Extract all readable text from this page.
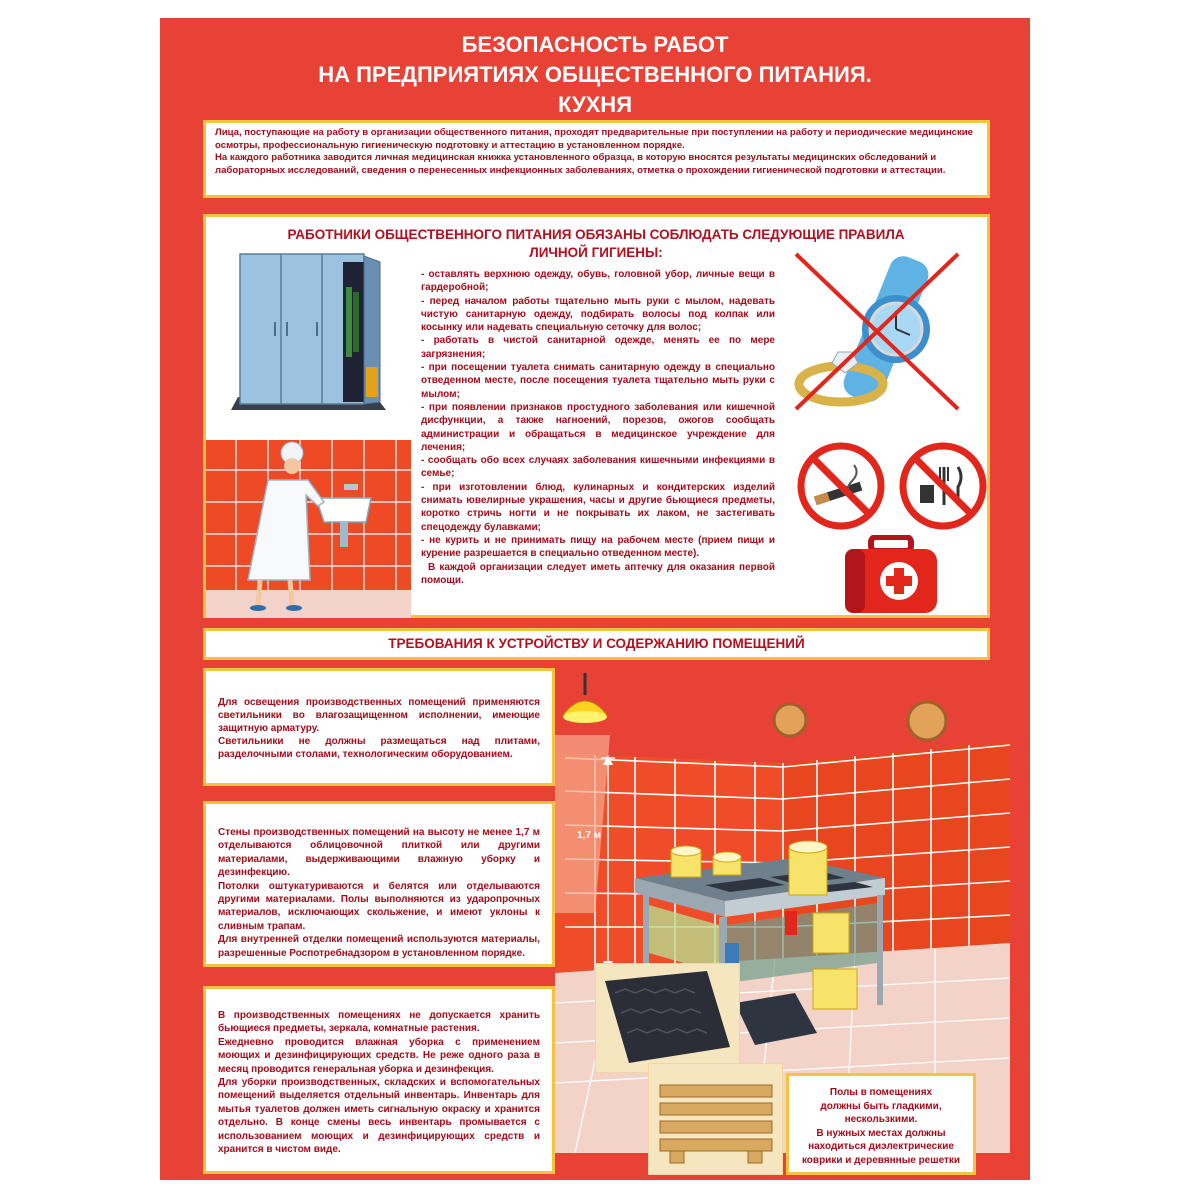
БЕЗОПАСНОСТЬ РАБОТ
НА ПРЕДПРИЯТИЯХ ОБЩЕСТВЕННОГО ПИТАНИЯ.
КУХНЯ
Лица, поступающие на работу в организации общественного питания, проходят предварительные при поступлении на работу и периодические медицинские осмотры, профессиональную гигиеническую подготовку и аттестацию в установленном порядке.
На каждого работника заводится личная медицинская книжка установленного образца, в которую вносятся результаты медицинских обследований и лабораторных исследований, сведения о перенесенных инфекционных заболеваниях, отметка о прохождении гигиенической подготовки и аттестации.
РАБОТНИКИ ОБЩЕСТВЕННОГО ПИТАНИЯ ОБЯЗАНЫ СОБЛЮДАТЬ СЛЕДУЮЩИЕ ПРАВИЛА
ЛИЧНОЙ ГИГИЕНЫ:
- оставлять верхнюю одежду, обувь, головной убор, личные вещи в гардеробной;
- перед началом работы тщательно мыть руки с мылом, надевать чистую санитарную одежду, подбирать волосы под колпак или косынку или надевать специальную сеточку для волос;
- работать в чистой санитарной одежде, менять ее по мере загрязнения;
- при посещении туалета снимать санитарную одежду в специально отведенном месте, после посещения туалета тщательно мыть руки с мылом;
- при появлении признаков простудного заболевания или кишечной дисфункции, а также нагноений, порезов, ожогов сообщать администрации и обращаться в медицинское учреждение для лечения;
- сообщать обо всех случаях заболевания кишечными инфекциями в семье;
- при изготовлении блюд, кулинарных и кондитерских изделий снимать ювелирные украшения, часы и другие бьющиеся предметы, коротко стричь ногти и не покрывать их лаком, не застегивать спецодежду булавками;
- не курить и не принимать пищу на рабочем месте (прием пищи и курение разрешается в специально отведенном месте).
В каждой организации следует иметь аптечку для оказания первой помощи.
ТРЕБОВАНИЯ К УСТРОЙСТВУ И СОДЕРЖАНИЮ ПОМЕЩЕНИЙ
Для освещения производственных помещений применяются светильники во влагозащищенном исполнении, имеющие защитную арматуру.
Светильники не должны размещаться над плитами, разделочными столами, технологическим оборудованием.
Стены производственных помещений на высоту не менее 1,7 м отделываются облицовочной плиткой или другими материалами, выдерживающими влажную уборку и дезинфекцию.
Потолки оштукатуриваются и белятся или отделываются другими материалами. Полы выполняются из ударопрочных материалов, исключающих скольжение, и имеют уклоны к сливным трапам.
Для внутренней отделки помещений используются материалы, разрешенные Роспотребнадзором в установленном порядке.
В производственных помещениях не допускается хранить бьющиеся предметы, зеркала, комнатные растения.
Ежедневно проводится влажная уборка с применением моющих и дезинфицирующих средств. Не реже одного раза в месяц проводится генеральная уборка и дезинфекция.
Для уборки производственных, складских и вспомогательных помещений выделяется отдельный инвентарь. Инвентарь для мытья туалетов должен иметь сигнальную окраску и хранится отдельно. В конце смены весь инвентарь промывается с использованием моющих и дезинфицирующих средств и хранится в чистом виде.
Полы в помещениях
должны быть гладкими,
нескользкими.
В нужных местах должны
находиться диэлектрические
коврики и деревянные решетки
1,7 м
